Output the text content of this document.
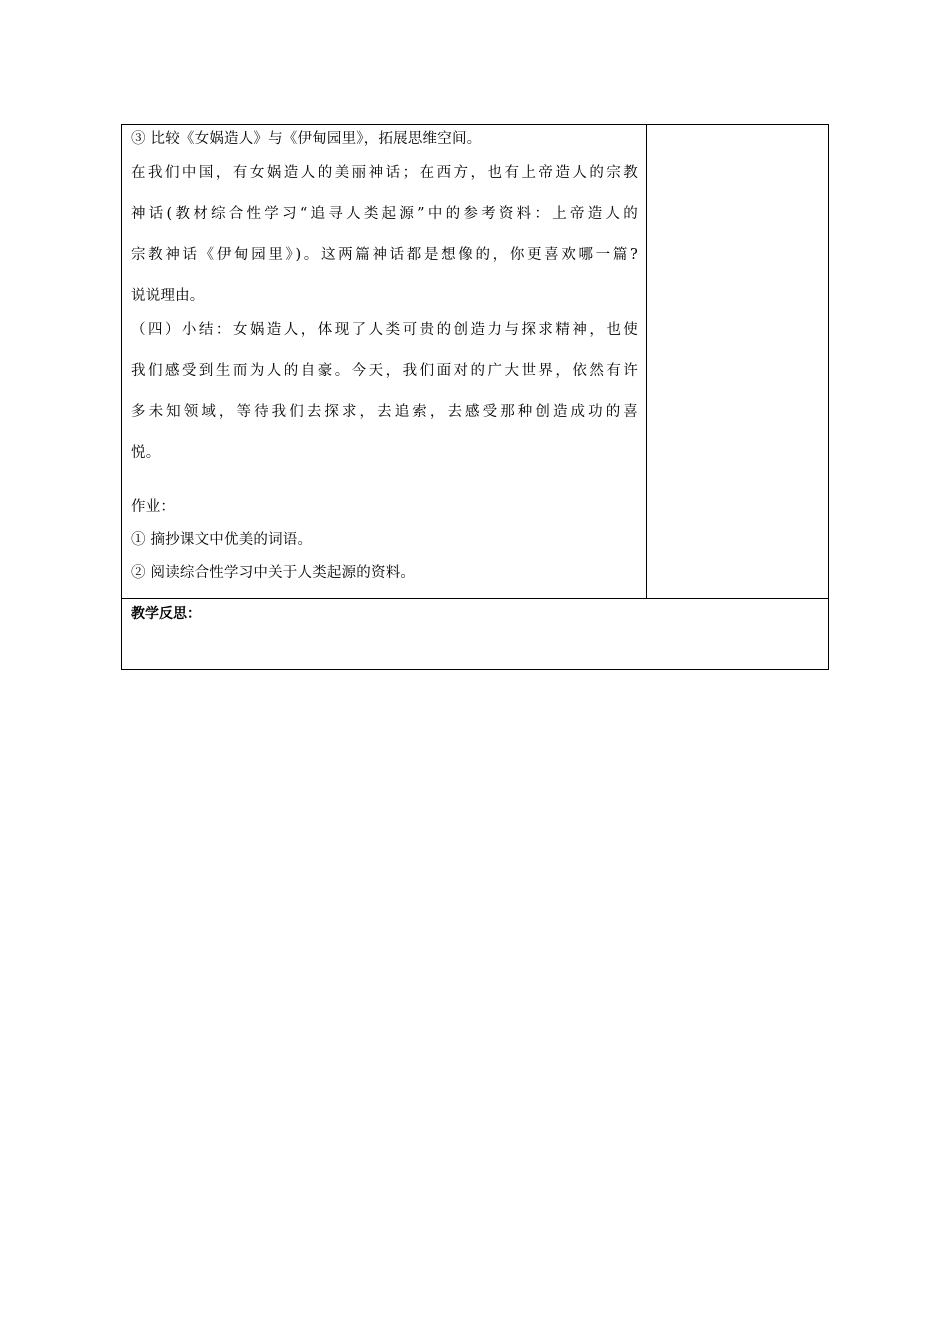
③ 比较《女娲造人》与《伊甸园里》，拓展思维空间。

在我们中国，有女娲造人的美丽神话；在西方，也有上帝造人的宗教
神话(教材综合性学习“追寻人类起源”中的参考资料：上帝造人的
宗教神话《伊甸园里》)。这两篇神话都是想像的，你更喜欢哪一篇?
说说理由。
（四）小结：女娲造人，体现了人类可贵的创造力与探求精神，也使
我们感受到生而为人的自豪。今天，我们面对的广大世界，依然有许
多未知领域，等待我们去探求，去追索，去感受那种创造成功的喜
悦。
作业：
① 摘抄课文中优美的词语。
② 阅读综合性学习中关于人类起源的资料。

教学反思：
